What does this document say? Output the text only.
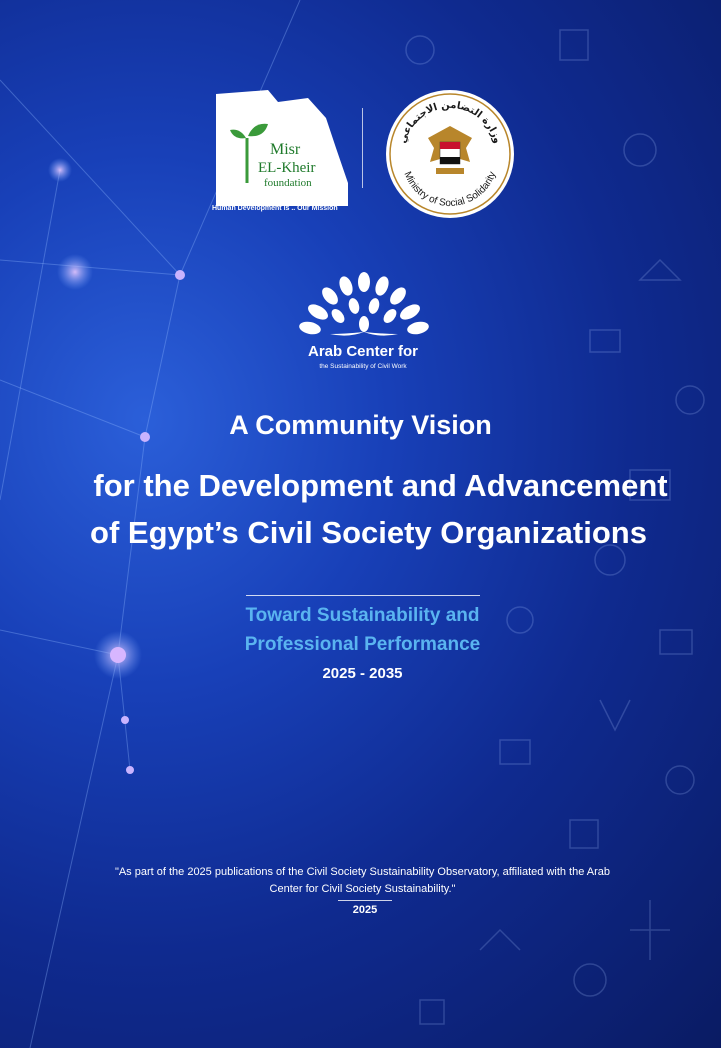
Misr
EL-Kheir
foundation
Human Development is .. Our Mission
وزارة التضامن الاجتماعي
Ministry of Social Solidarity
Arab Center for
the Sustainability of Civil Work
A Community Vision
for the Development and Advancement
of Egypt’s Civil Society Organizations
Toward Sustainability and
Professional Performance
2025 - 2035
"As part of the 2025 publications of the Civil Society Sustainability Observatory, affiliated with the Arab Center for Civil Society Sustainability."
2025
